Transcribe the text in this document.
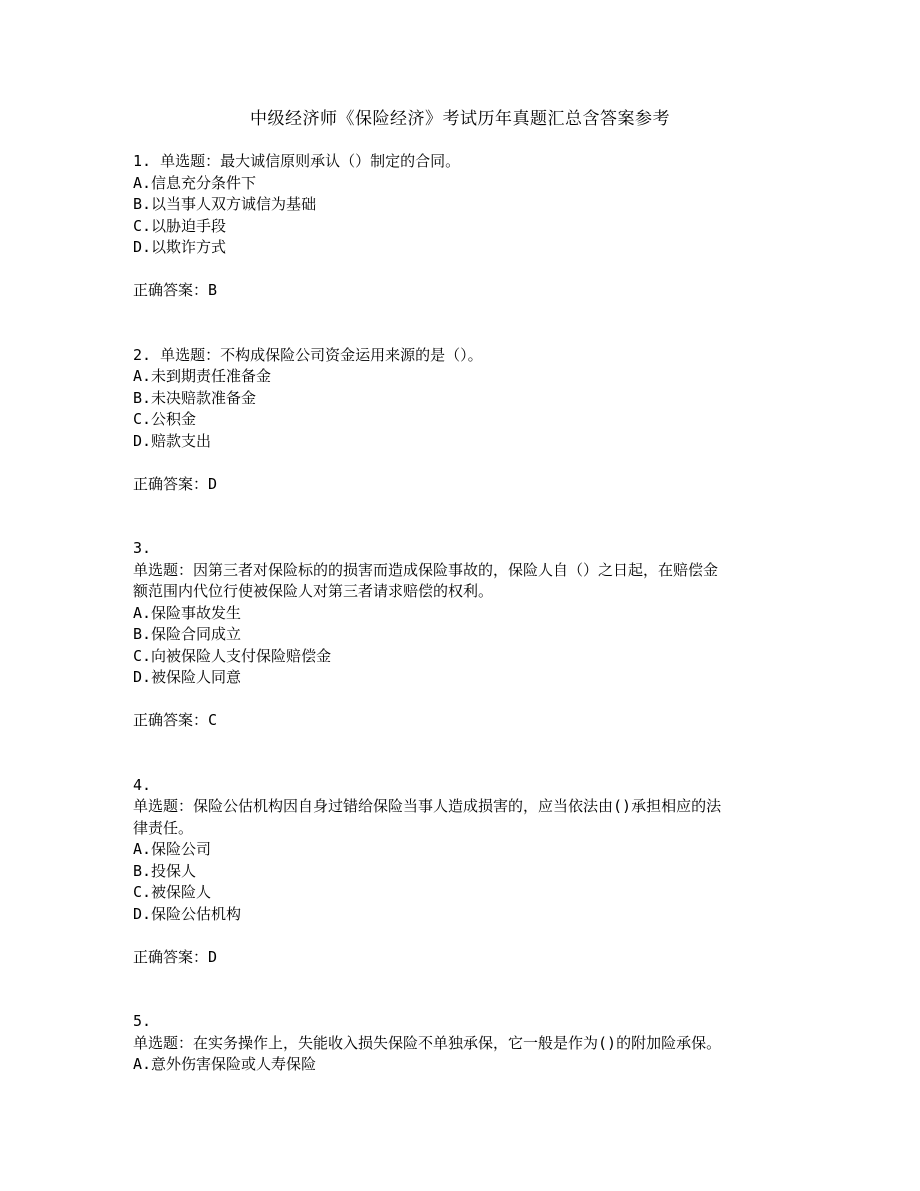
中级经济师《保险经济》考试历年真题汇总含答案参考
1. 单选题：最大诚信原则承认（）制定的合同。
A.信息充分条件下
B.以当事人双方诚信为基础
C.以胁迫手段
D.以欺诈方式
正确答案：B
2. 单选题：不构成保险公司资金运用来源的是（）。
A.未到期责任准备金
B.未决赔款准备金
C.公积金
D.赔款支出
正确答案：D
3.
单选题：因第三者对保险标的的损害而造成保险事故的，保险人自（）之日起，在赔偿金
额范围内代位行使被保险人对第三者请求赔偿的权利。
A.保险事故发生
B.保险合同成立
C.向被保险人支付保险赔偿金
D.被保险人同意
正确答案：C
4.
单选题：保险公估机构因自身过错给保险当事人造成损害的，应当依法由()承担相应的法
律责任。
A.保险公司
B.投保人
C.被保险人
D.保险公估机构
正确答案：D
5.
单选题：在实务操作上，失能收入损失保险不单独承保，它一般是作为()的附加险承保。
A.意外伤害保险或人寿保险
